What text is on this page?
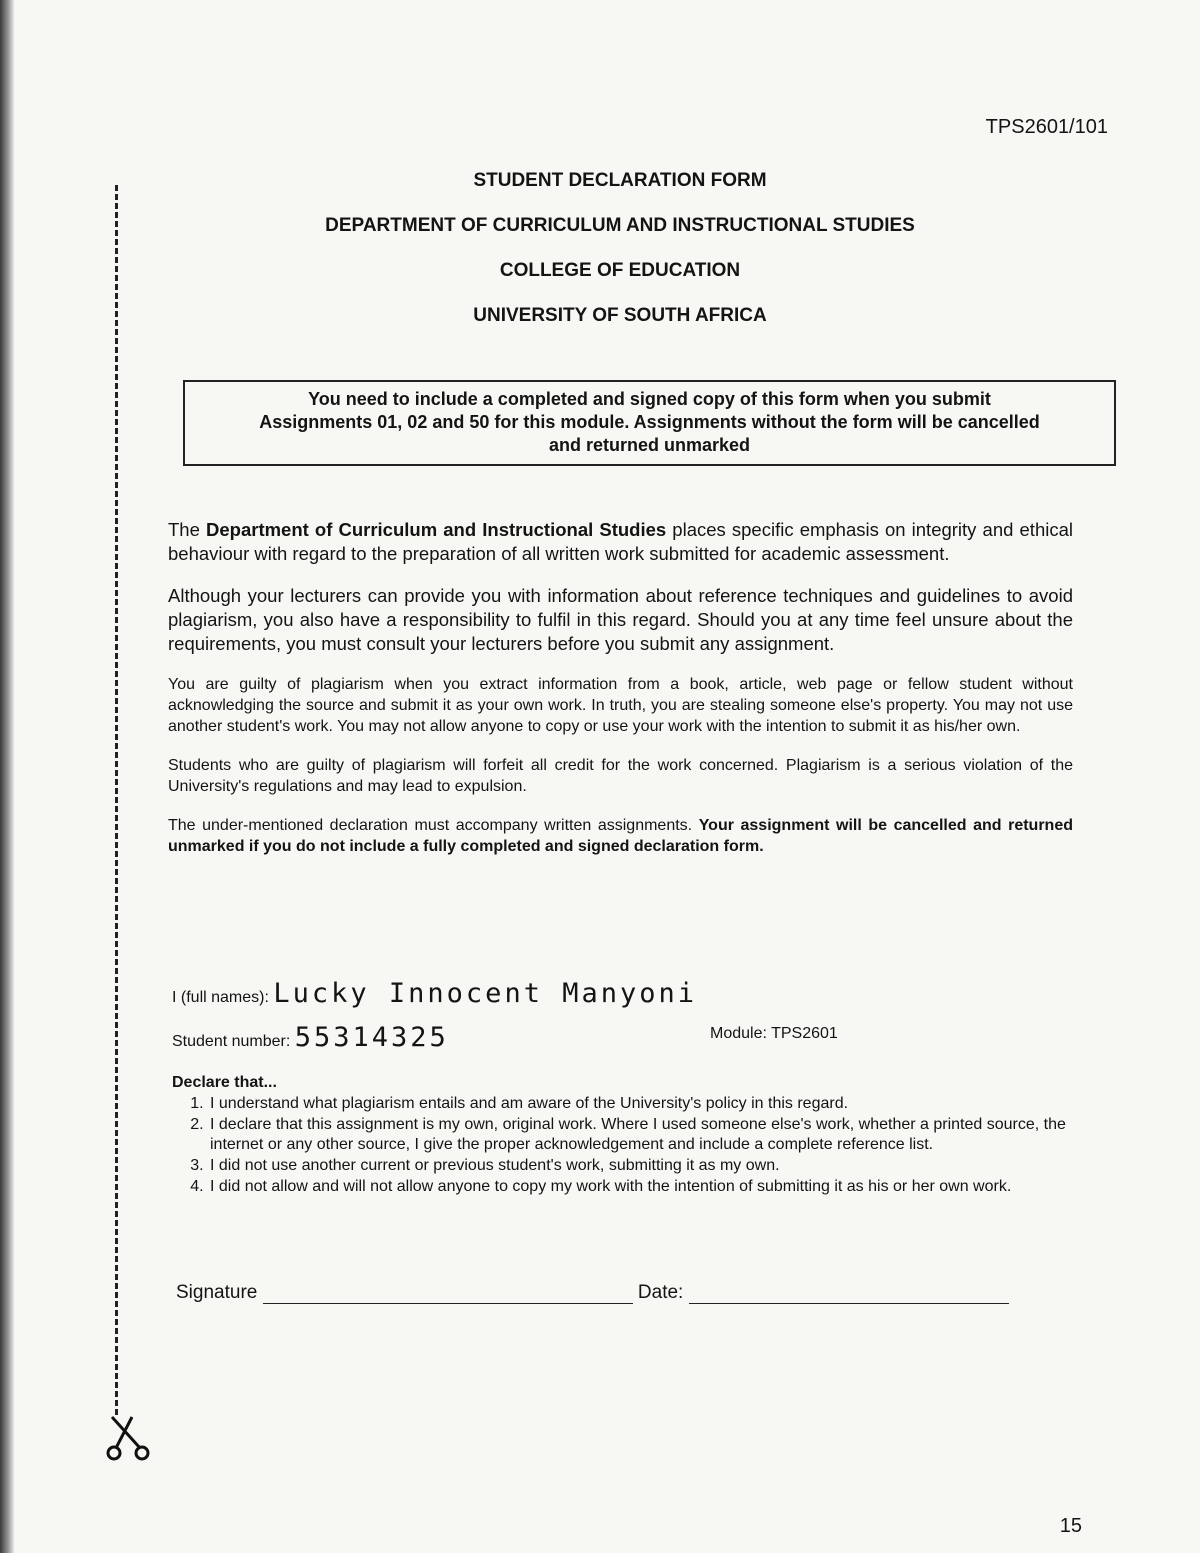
TPS2601/101
STUDENT DECLARATION FORM
DEPARTMENT OF CURRICULUM AND INSTRUCTIONAL STUDIES
COLLEGE OF EDUCATION
UNIVERSITY OF SOUTH AFRICA
You need to include a completed and signed copy of this form when you submit
Assignments 01, 02 and 50 for this module. Assignments without the form will be cancelled
and returned unmarked

The Department of Curriculum and Instructional Studies places specific emphasis on integrity and ethical behaviour with regard to the preparation of all written work submitted for academic assessment.

Although your lecturers can provide you with information about reference techniques and guidelines to avoid plagiarism, you also have a responsibility to fulfil in this regard. Should you at any time feel unsure about the requirements, you must consult your lecturers before you submit any assignment.

You are guilty of plagiarism when you extract information from a book, article, web page or fellow student without acknowledging the source and submit it as your own work. In truth, you are stealing someone else's property. You may not use another student's work. You may not allow anyone to copy or use your work with the intention to submit it as his/her own.

Students who are guilty of plagiarism will forfeit all credit for the work concerned. Plagiarism is a serious violation of the University's regulations and may lead to expulsion.

The under-mentioned declaration must accompany written assignments. Your assignment will be cancelled and returned unmarked if you do not include a fully completed and signed declaration form.

I (full names): Lucky Innocent Manyoni
Student number: 55314325	Module: TPS2601
Declare that...
1. I understand what plagiarism entails and am aware of the University's policy in this regard.
2. I declare that this assignment is my own, original work. Where I used someone else's work, whether a printed source, the internet or any other source, I give the proper acknowledgement and include a complete reference list.
3. I did not use another current or previous student's work, submitting it as my own.
4. I did not allow and will not allow anyone to copy my work with the intention of submitting it as his or her own work.
Signature	Date:
15
